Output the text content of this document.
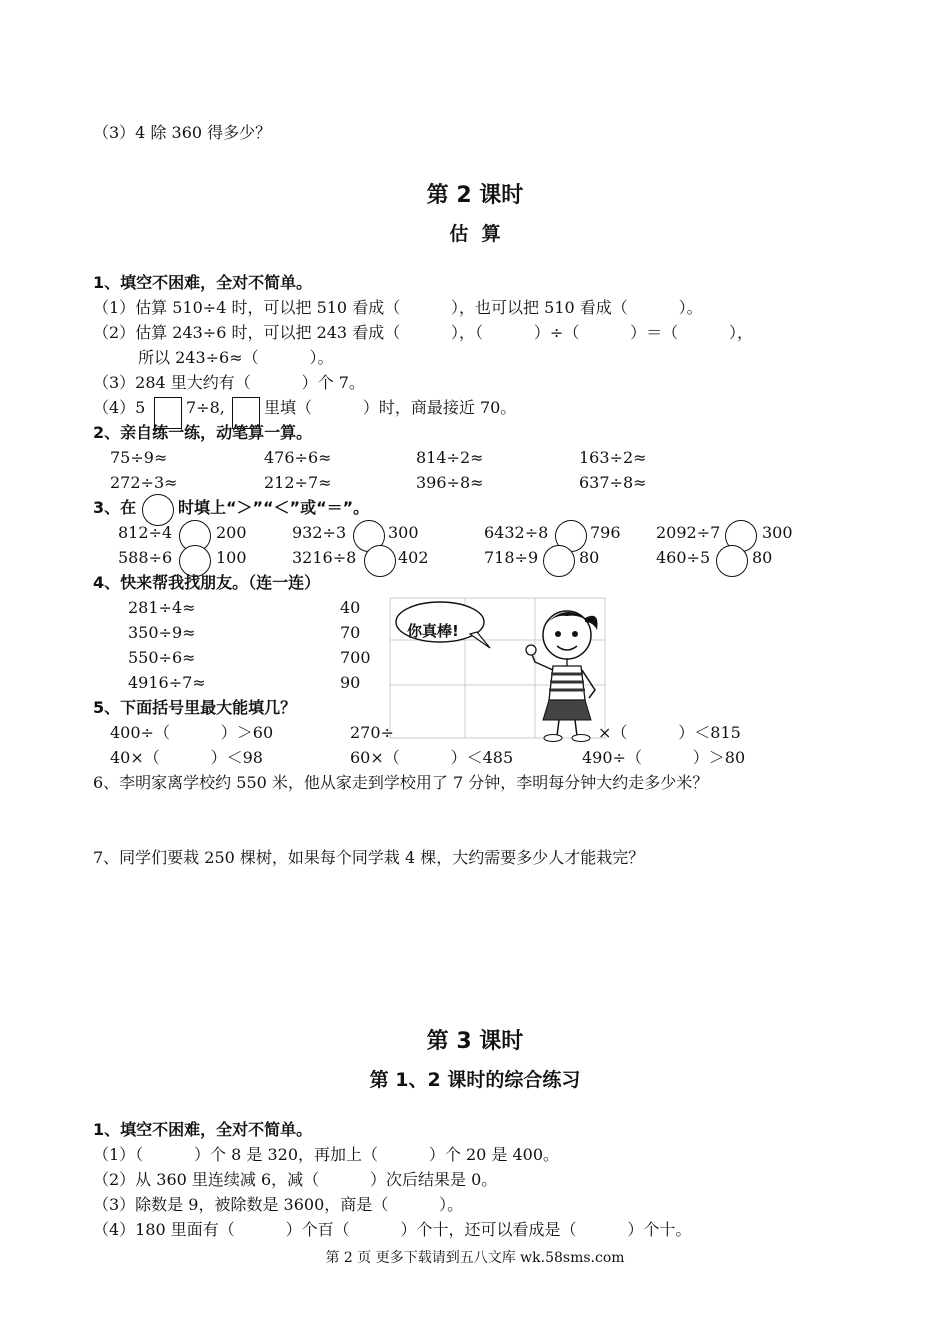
（3）4 除 360 得多少？
第 2 课时
估  算
1、填空不困难，全对不简单。
（1）估算 510÷4 时，可以把 510 看成（          ），也可以把 510 看成（          ）。
（2）估算 243÷6 时，可以把 243 看成（          ），（          ）÷（          ）＝（          ），
所以 243÷6≈（          ）。
（3）284 里大约有（          ）个 7。
（4）5	7÷8, 里填（          ）时，商最接近 70。
2、亲自练一练，动笔算一算。
75÷9≈	476÷6≈	814÷2≈	163÷2≈
272÷3≈	212÷7≈	396÷8≈	637÷8≈
3、在	时填上“＞”“＜”或“＝”。
812÷4	200	932÷3	300	6432÷8	796 2092÷7	300
588÷6	100	3216÷8	402	718÷9	80	460÷5	80
4、快来帮我找朋友。（连一连）
281÷4≈
350÷9≈
550÷6≈
4916÷7≈
40
70
700
90
你真棒!
5、下面括号里最大能填几？
400÷（          ）＞60	270÷	×（          ）＜815
40×（          ）＜98	60×（          ）＜485	490÷（          ）＞80
6、李明家离学校约 550 米，他从家走到学校用了 7 分钟，李明每分钟大约走多少米？
7、同学们要栽 250 棵树，如果每个同学栽 4 棵，大约需要多少人才能栽完？
第 3 课时
第 1、2 课时的综合练习
1、填空不困难，全对不简单。
（1）（          ）个 8 是 320，再加上（          ）个 20 是 400。
（2）从 360 里连续减 6，减（          ）次后结果是 0。
（3）除数是 9，被除数是 3600，商是（          ）。
（4）180 里面有（          ）个百（          ）个十，还可以看成是（          ）个十。
第 2 页 更多下载请到五八文库 wk.58sms.com
